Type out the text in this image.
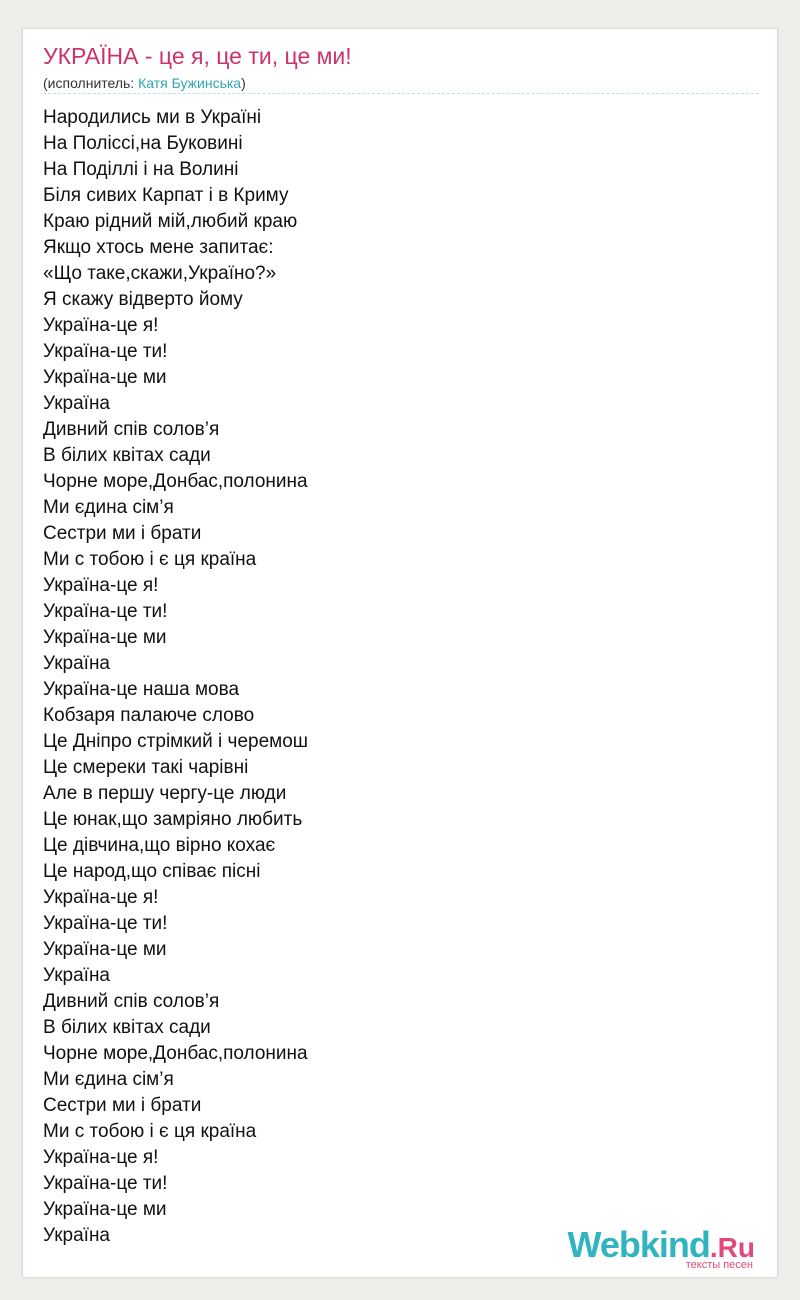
УКРАЇНА - це я, це ти, це ми!
(исполнитель: Катя Бужинська)
Народились ми в Україні
На Поліссі,на Буковині
На Поділлі і на Волині
Біля сивих Карпат і в Криму
Краю рідний мій,любий краю
Якщо хтось мене запитає:
«Що таке,скажи,Україно?»
Я скажу відверто йому
Україна-це я!
Україна-це ти!
Україна-це ми
Україна
Дивний спів солов’я
В білих квітах сади
Чорне море,Донбас,полонина
Ми єдина сім’я
Сестри ми і брати
Ми с тобою і є ця країна
Україна-це я!
Україна-це ти!
Україна-це ми
Україна
Україна-це наша мова
Кобзаря палаюче слово
Це Дніпро стрімкий і черемош
Це смереки такі чарівні
Але в першу чергу-це люди
Це юнак,що замріяно любить
Це дівчина,що вірно кохає
Це народ,що співає пісні
Україна-це я!
Україна-це ти!
Україна-це ми
Україна
Дивний спів солов’я
В білих квітах сади
Чорне море,Донбас,полонина
Ми єдина сім’я
Сестри ми і брати
Ми с тобою і є ця країна
Україна-це я!
Україна-це ти!
Україна-це ми
Україна	Webkind.Ru
тексты песен
